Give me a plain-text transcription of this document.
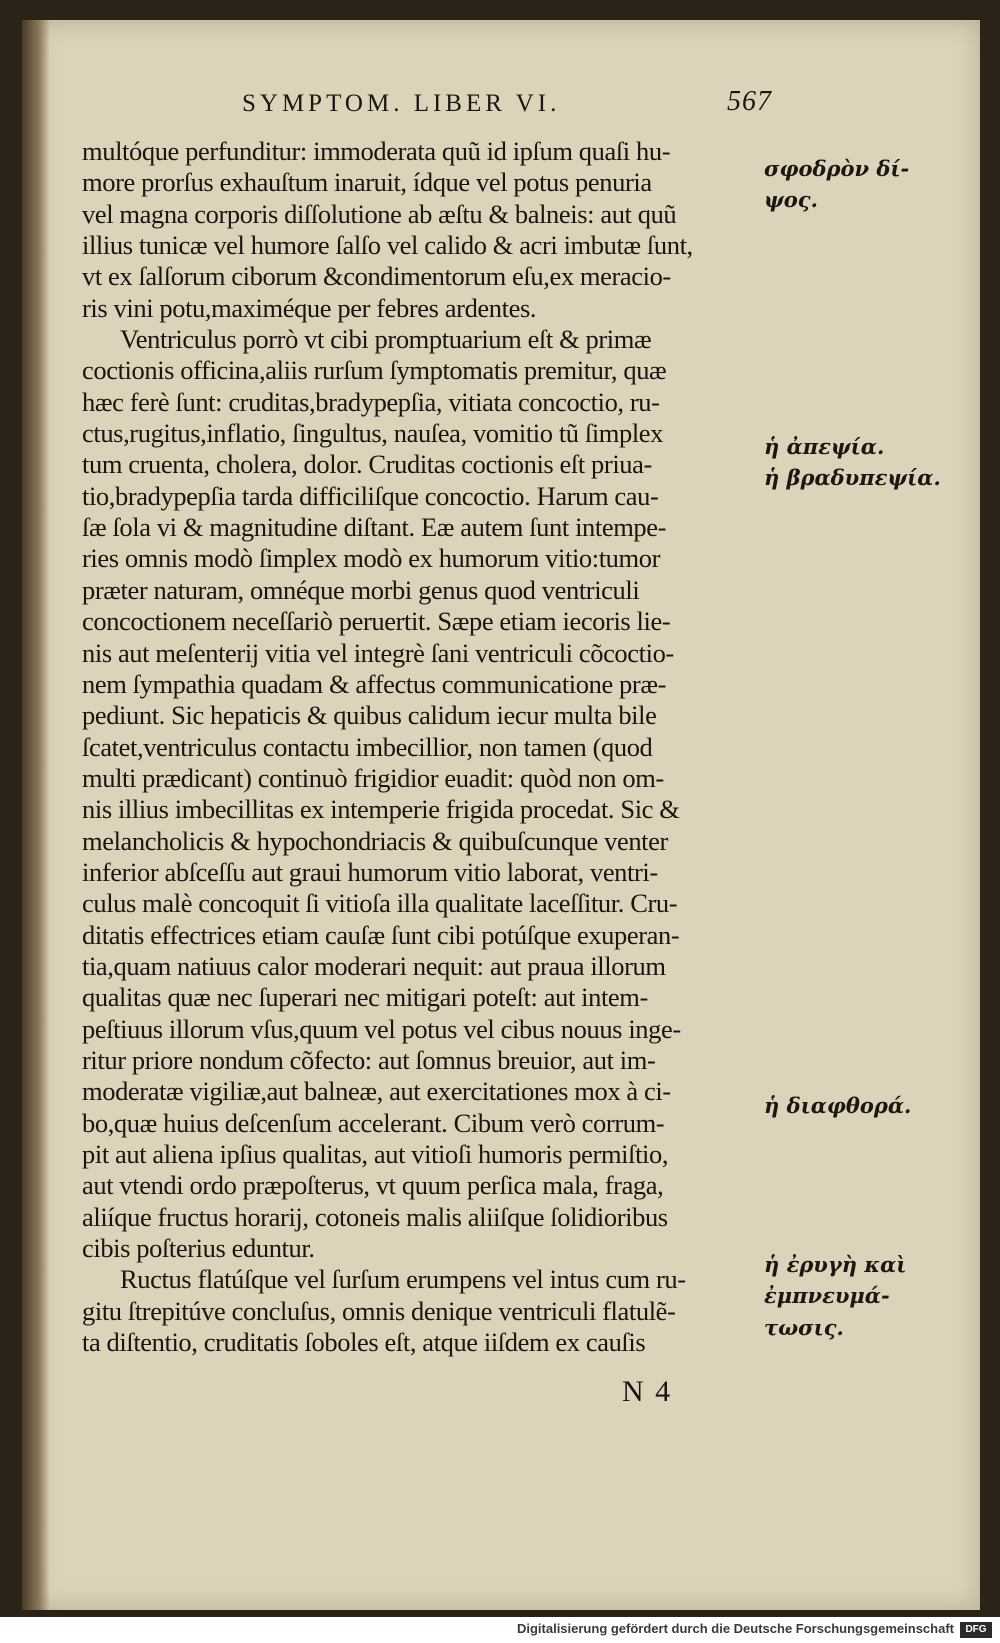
SYMPTOM. LIBER VI.	567
multóque perfunditur: immoderata quũ id ipſum quaſi hu-
more prorſus exhauſtum inaruit, ídque vel potus penuria
vel magna corporis diſſolutione ab æſtu & balneis: aut quũ
illius tunicæ vel humore ſalſo vel calido & acri imbutæ ſunt,
vt ex ſalſorum ciborum &condimentorum eſu,ex meracio-
ris vini potu,maximéque per febres ardentes.
Ventriculus porrò vt cibi promptuarium eſt & primæ
coctionis officina,aliis rurſum ſymptomatis premitur, quæ
hæc ferè ſunt: cruditas,bradypepſia, vitiata concoctio, ru-
ctus,rugitus,inflatio, ſingultus, nauſea, vomitio tũ ſimplex
tum cruenta, cholera, dolor. Cruditas coctionis eſt priua-
tio,bradypepſia tarda difficiliſque concoctio. Harum cau-
ſæ ſola vi & magnitudine diſtant. Eæ autem ſunt intempe-
ries omnis modò ſimplex modò ex humorum vitio:tumor
præter naturam, omnéque morbi genus quod ventriculi
concoctionem neceſſariò peruertit. Sæpe etiam iecoris lie-
nis aut meſenterij vitia vel integrè ſani ventriculi cõcoctio-
nem ſympathia quadam & affectus communicatione præ-
pediunt. Sic hepaticis & quibus calidum iecur multa bile
ſcatet,ventriculus contactu imbecillior, non tamen (quod
multi prædicant) continuò frigidior euadit: quòd non om-
nis illius imbecillitas ex intemperie frigida procedat. Sic &
melancholicis & hypochondriacis & quibuſcunque venter
inferior abſceſſu aut graui humorum vitio laborat, ventri-
culus malè concoquit ſi vitioſa illa qualitate laceſſitur. Cru-
ditatis effectrices etiam cauſæ ſunt cibi potúſque exuperan-
tia,quam natiuus calor moderari nequit: aut praua illorum
qualitas quæ nec ſuperari nec mitigari poteſt: aut intem-
peſtiuus illorum vſus,quum vel potus vel cibus nouus inge-
ritur priore nondum cõfecto: aut ſomnus breuior, aut im-
moderatæ vigiliæ,aut balneæ, aut exercitationes mox à ci-
bo,quæ huius deſcenſum accelerant. Cibum verò corrum-
pit aut aliena ipſius qualitas, aut vitioſi humoris permiſtio,
aut vtendi ordo præpoſterus, vt quum perſica mala, fraga,
aliíque fructus horarij, cotoneis malis aliiſque ſolidioribus
cibis poſterius eduntur.
Ructus flatúſque vel ſurſum erumpens vel intus cum ru-
gitu ſtrepitúve concluſus, omnis denique ventriculi flatulẽ-
ta diſtentio, cruditatis ſoboles eſt, atque iiſdem ex cauſis
σφοδρὸν δί-
ψος.
ἡ ἀπεψία.
ἡ βραδυπεψία.
ἡ διαφθορά.
ἡ ἐρυγὴ καὶ
ἐμπνευμά-
τωσις.
N 4
Digitalisierung gefördert durch die Deutsche Forschungsgemeinschaft	DFG
